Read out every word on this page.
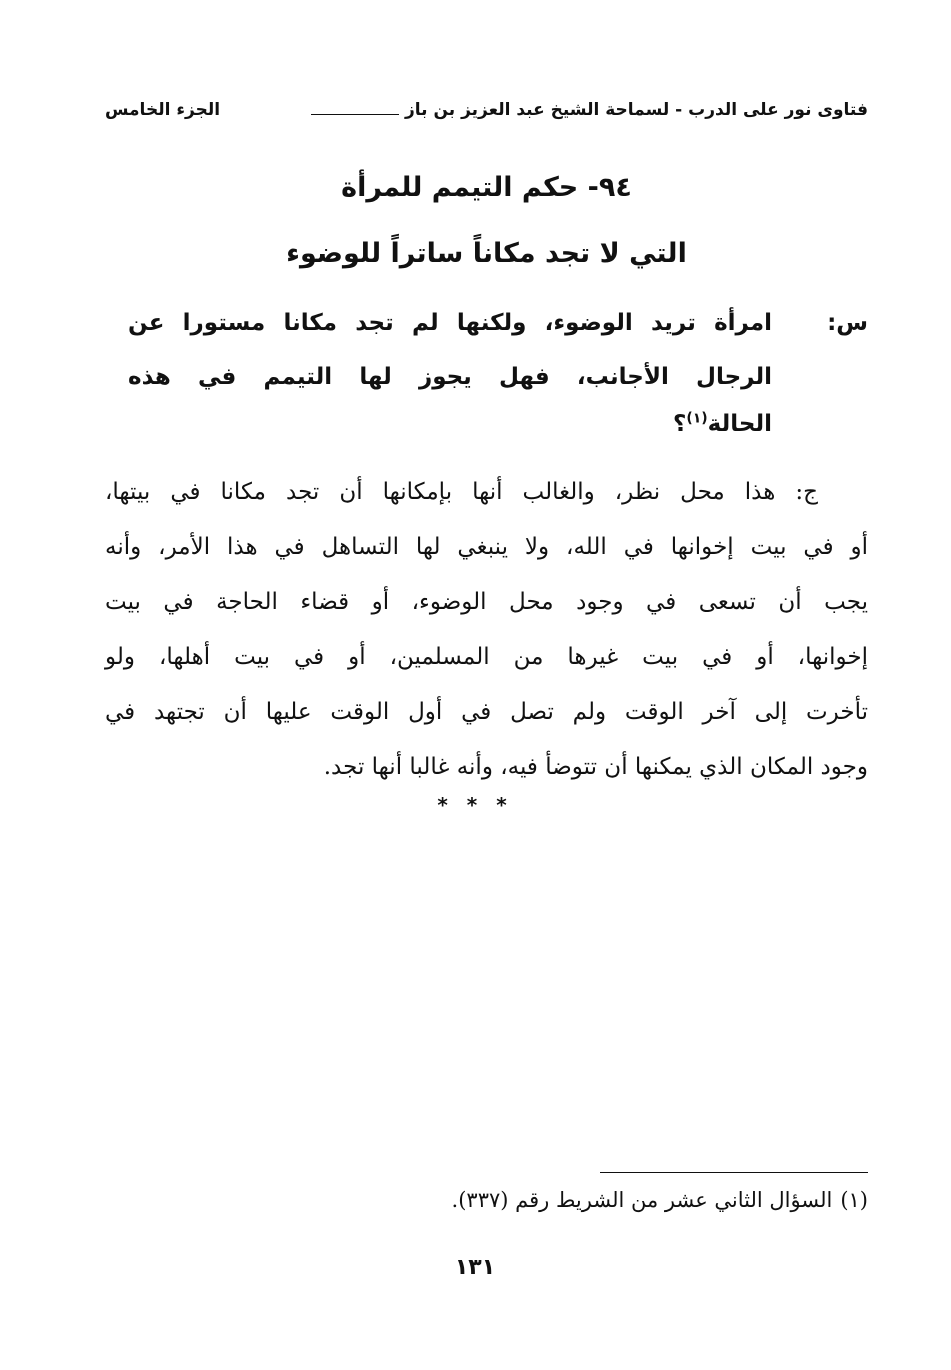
فتاوى نور على الدرب - لسماحة الشيخ عبد العزيز بن باز
الجزء الخامس
٩٤- حكم التيمم للمرأة
التي لا تجد مكاناً ساتراً للوضوء
س:امرأة تريد الوضوء، ولكنها لم تجد مكانا مستورا عن
الرجال الأجانب، فهل يجوز لها التيمم في هذه
الحالة$^{(١)}$؟
ج: هذا محل نظر، والغالب أنها بإمكانها أن تجد مكانا في بيتها،
أو في بيت إخوانها في الله، ولا ينبغي لها التساهل في هذا الأمر، وأنه
يجب أن تسعى في وجود محل الوضوء، أو قضاء الحاجة في بيت
إخوانها، أو في بيت غيرها من المسلمين، أو في بيت أهلها، ولو
تأخرت إلى آخر الوقت ولم تصل في أول الوقت عليها أن تجتهد في
وجود المكان الذي يمكنها أن تتوضأ فيه، وأنه غالبا أنها تجد.
* * *
(١)السؤال الثاني عشر من الشريط رقم (٣٣٧).
١٣١
